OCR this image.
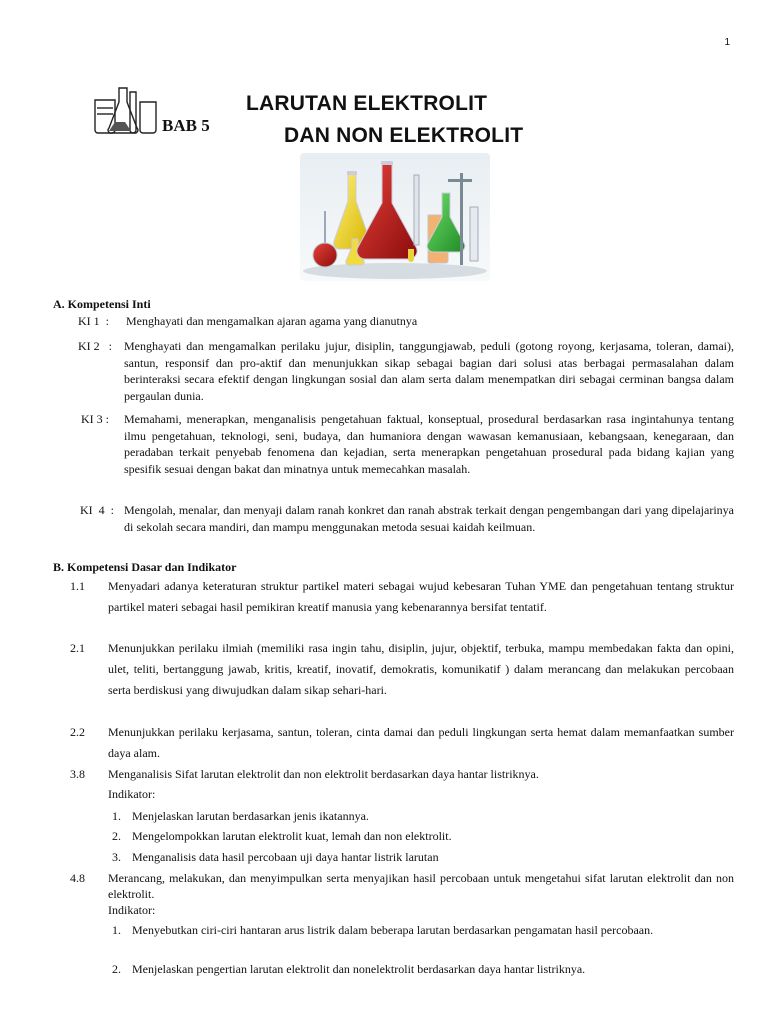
1
BAB 5
LARUTAN ELEKTROLIT
DAN NON ELEKTROLIT
A. Kompetensi Inti
KI 1  :	Menghayati dan mengamalkan ajaran agama yang dianutnya
KI 2   :	Menghayati dan mengamalkan perilaku jujur, disiplin, tanggungjawab, peduli (gotong royong, kerjasama, toleran, damai), santun, responsif dan pro-aktif dan menunjukkan sikap sebagai bagian dari solusi atas berbagai permasalahan dalam berinteraksi secara efektif dengan lingkungan sosial dan alam serta dalam menempatkan diri sebagai cerminan bangsa dalam pergaulan dunia.
KI 3 :	Memahami, menerapkan, menganalisis pengetahuan faktual, konseptual, prosedural berdasarkan rasa ingintahunya tentang ilmu pengetahuan, teknologi, seni, budaya, dan humaniora dengan wawasan kemanusiaan, kebangsaan, kenegaraan, dan peradaban terkait penyebab fenomena dan kejadian, serta menerapkan pengetahuan prosedural pada bidang kajian yang spesifik sesuai dengan bakat dan minatnya untuk memecahkan masalah.
KI  4  : Mengolah, menalar, dan menyaji dalam ranah konkret dan ranah abstrak terkait dengan pengembangan dari yang dipelajarinya di sekolah secara mandiri, dan mampu menggunakan metoda sesuai kaidah keilmuan.
B. Kompetensi Dasar dan Indikator
1.1 Menyadari adanya keteraturan struktur partikel materi sebagai wujud kebesaran Tuhan YME dan pengetahuan tentang struktur partikel materi sebagai hasil pemikiran kreatif manusia yang kebenarannya bersifat tentatif.
2.1 Menunjukkan perilaku ilmiah (memiliki rasa ingin tahu, disiplin, jujur, objektif, terbuka, mampu membedakan fakta dan opini, ulet, teliti, bertanggung jawab, kritis, kreatif, inovatif, demokratis, komunikatif ) dalam merancang dan melakukan percobaan serta berdiskusi yang diwujudkan dalam sikap sehari-hari.
2.2 Menunjukkan perilaku kerjasama, santun, toleran, cinta damai dan peduli lingkungan serta hemat dalam memanfaatkan sumber daya alam.
3.8 Menganalisis Sifat larutan elektrolit dan non elektrolit berdasarkan daya hantar listriknya.
Indikator:
1. Menjelaskan larutan berdasarkan jenis ikatannya.
2. Mengelompokkan larutan elektrolit kuat, lemah dan non elektrolit.
3. Menganalisis data hasil percobaan uji daya hantar listrik larutan
4.8 Merancang, melakukan, dan menyimpulkan serta menyajikan hasil percobaan untuk mengetahui sifat larutan elektrolit dan non elektrolit.
Indikator:
1. Menyebutkan ciri-ciri hantaran arus listrik dalam beberapa larutan berdasarkan pengamatan hasil percobaan.
2. Menjelaskan pengertian larutan elektrolit dan nonelektrolit berdasarkan daya hantar listriknya.
